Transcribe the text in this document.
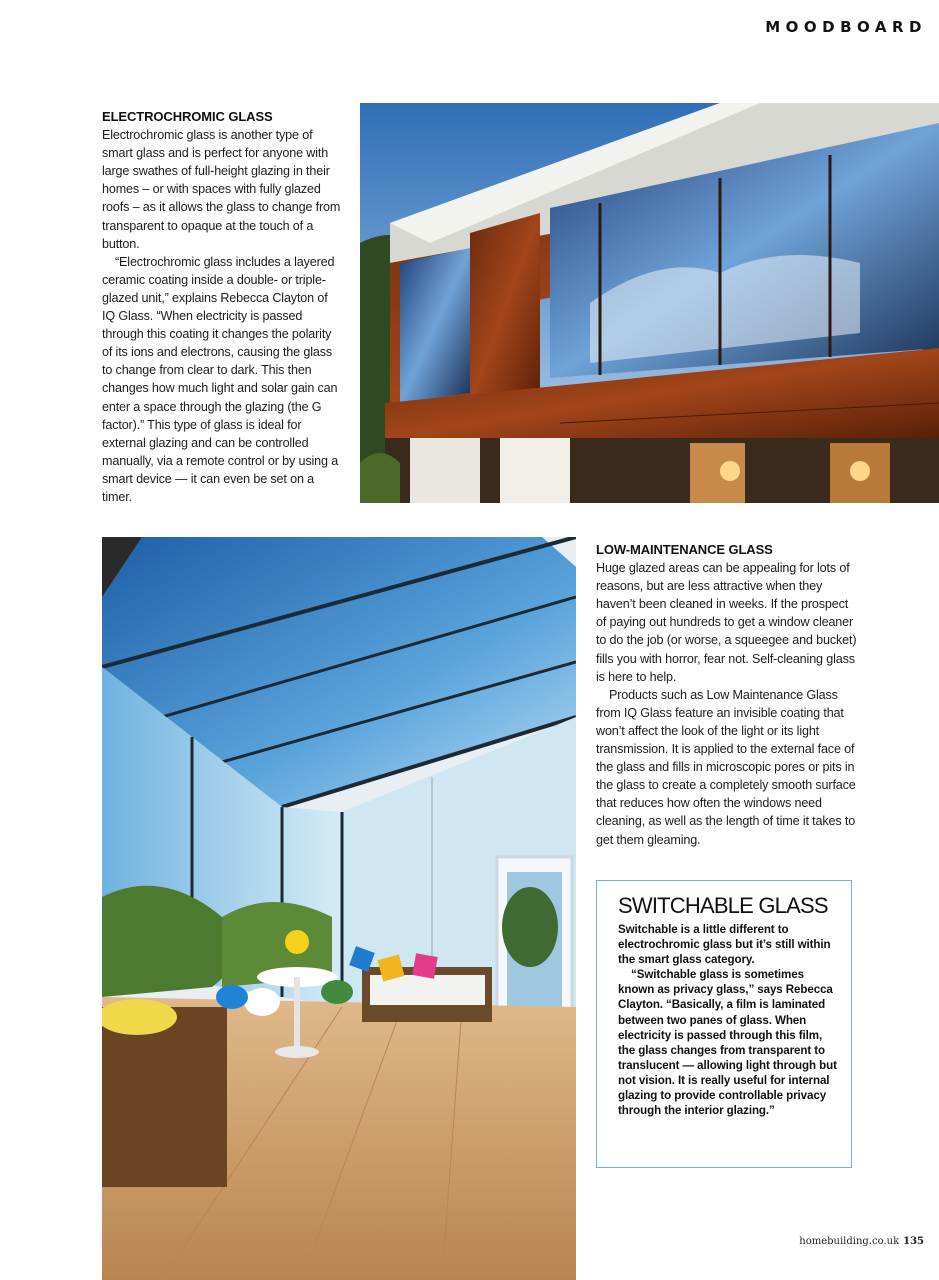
MOODBOARD
ELECTROCHROMIC GLASS

Electrochromic glass is another type of smart glass and is perfect for anyone with large swathes of full-height glazing in their homes – or with spaces with fully glazed roofs – as it allows the glass to change from transparent to opaque at the touch of a button.

“Electrochromic glass includes a layered ceramic coating inside a double- or triple-glazed unit,” explains Rebecca Clayton of IQ Glass. “When electricity is passed through this coating it changes the polarity of its ions and electrons, causing the glass to change from clear to dark. This then changes how much light and solar gain can enter a space through the glazing (the G factor).” This type of glass is ideal for external glazing and can be controlled manually, via a remote control or by using a smart device — it can even be set on a timer.

LOW-MAINTENANCE GLASS

Huge glazed areas can be appealing for lots of reasons, but are less attractive when they haven’t been cleaned in weeks. If the prospect of paying out hundreds to get a window cleaner to do the job (or worse, a squeegee and bucket) fills you with horror, fear not. Self-cleaning glass is here to help.

Products such as Low Maintenance Glass from IQ Glass feature an invisible coating that won’t affect the look of the light or its light transmission. It is applied to the external face of the glass and fills in microscopic pores or pits in the glass to create a completely smooth surface that reduces how often the windows need cleaning, as well as the length of time it takes to get them gleaming.

SWITCHABLE GLASS

Switchable is a little different to electrochromic glass but it’s still within the smart glass category.

“Switchable glass is sometimes known as privacy glass,” says Rebecca Clayton. “Basically, a film is laminated between two panes of glass. When electricity is passed through this film, the glass changes from transparent to translucent — allowing light through but not vision. It is really useful for internal glazing to provide controllable privacy through the interior glazing.”

homebuilding.co.uk 135
